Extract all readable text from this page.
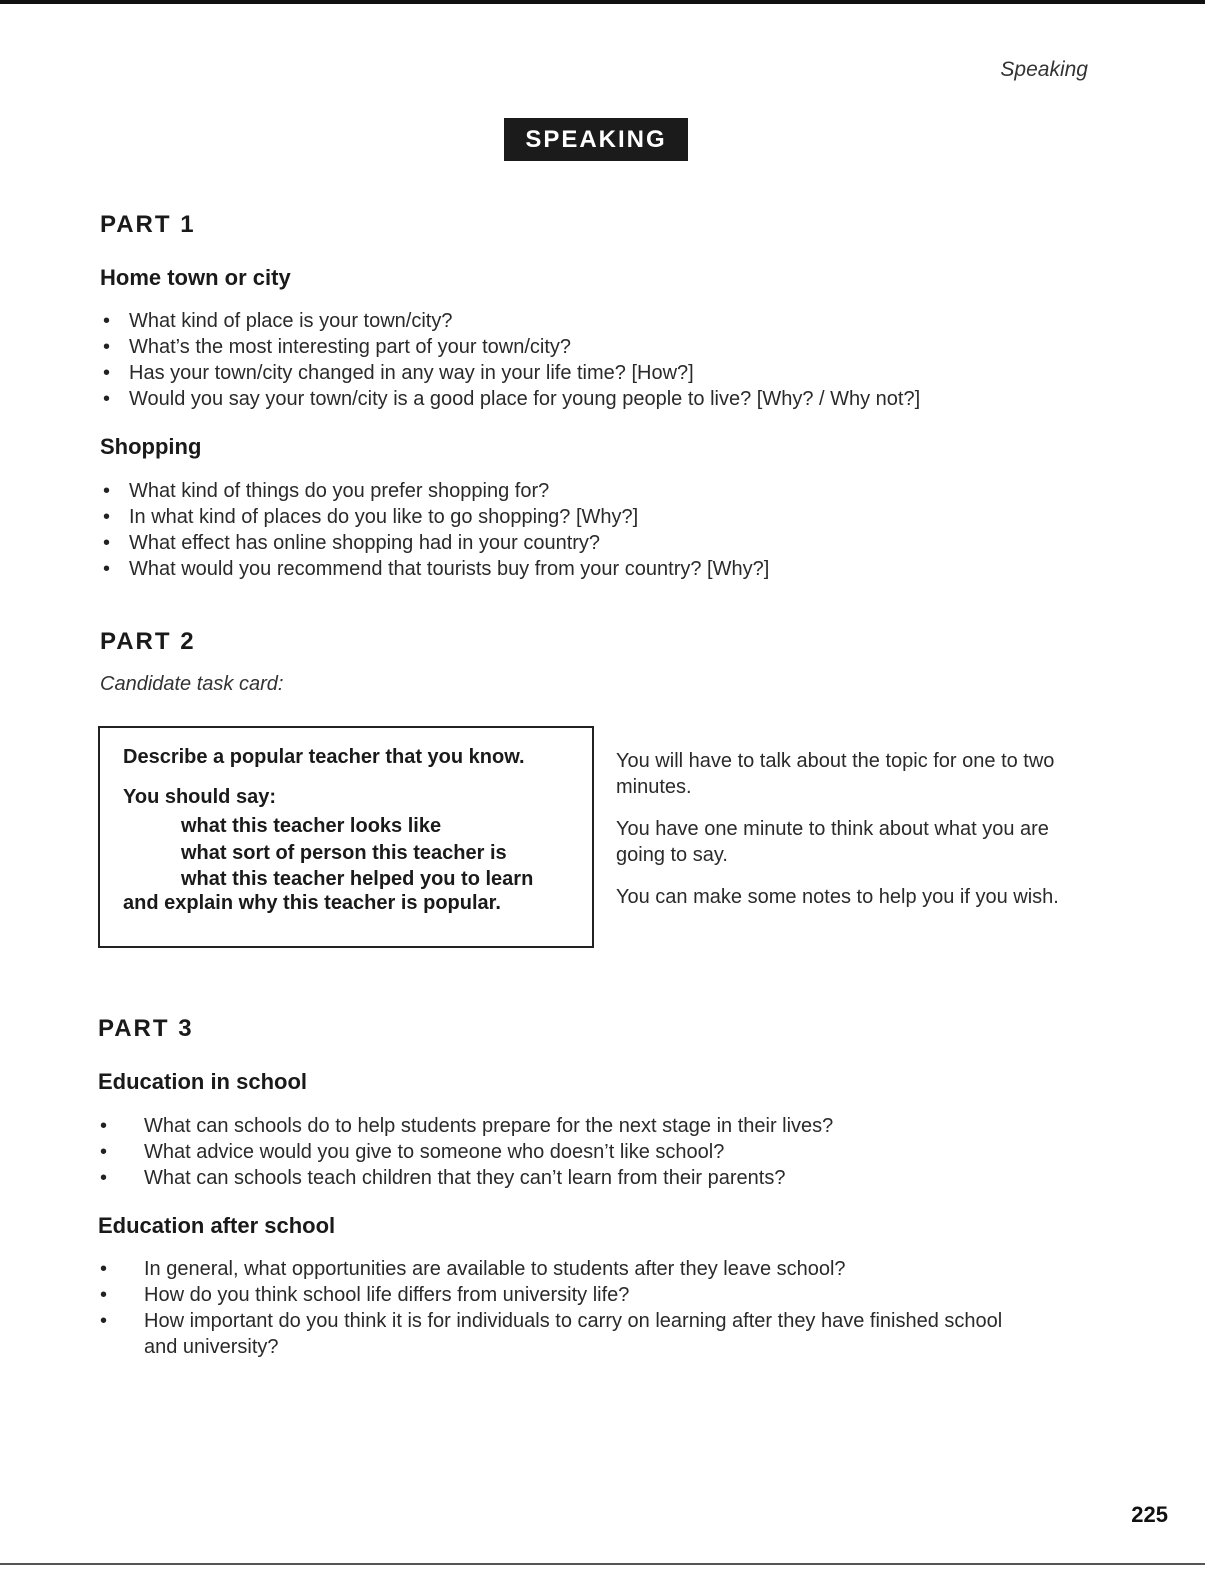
Speaking
SPEAKING
PART 1
Home town or city
• What kind of place is your town/city?
• What’s the most interesting part of your town/city?
• Has your town/city changed in any way in your life time? [How?]
• Would you say your town/city is a good place for young people to live? [Why? / Why not?]
Shopping
• What kind of things do you prefer shopping for?
• In what kind of places do you like to go shopping? [Why?]
• What effect has online shopping had in your country?
• What would you recommend that tourists buy from your country? [Why?]
PART 2
Candidate task card:
Describe a popular teacher that you know.
You should say:
what this teacher looks like
what sort of person this teacher is
what this teacher helped you to learn
and explain why this teacher is popular.

You will have to talk about the topic for one to two minutes.

You have one minute to think about what you are going to say.

You can make some notes to help you if you wish.

PART 3
Education in school
• What can schools do to help students prepare for the next stage in their lives?
• What advice would you give to someone who doesn’t like school?
• What can schools teach children that they can’t learn from their parents?
Education after school
• In general, what opportunities are available to students after they leave school?
• How do you think school life differs from university life?
• How important do you think it is for individuals to carry on learning after they have finished school and university?
225
